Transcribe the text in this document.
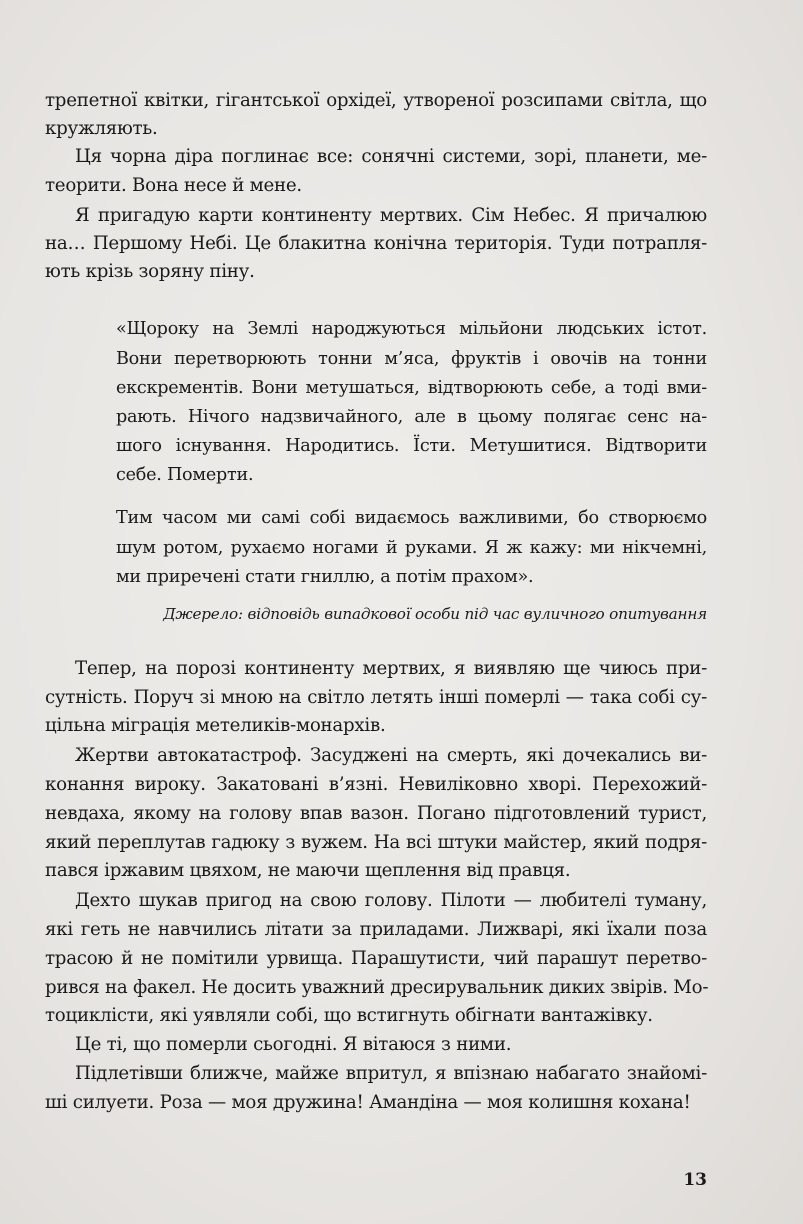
трепетної квітки, гігантської орхідеї, утвореної розсипами світла, що
кружляють.
Ця чорна діра поглинає все: сонячні системи, зорі, планети, ме-
теорити. Вона несе й мене.
Я пригадую карти континенту мертвих. Сім Небес. Я причалюю
на… Першому Небі. Це блакитна конічна територія. Туди потрапля-
ють крізь зоряну піну.
«Щороку на Землі народжуються мільйони людських істот.
Вони перетворюють тонни м’яса, фруктів і овочів на тонни
екскрементів. Вони метушаться, відтворюють себе, а тоді вми-
рають. Нічого надзвичайного, але в цьому полягає сенс на-
шого існування. Народитись. Їсти. Метушитися. Відтворити
себе. Померти.
Тим часом ми самі собі видаємось важливими, бо створюємо
шум ротом, рухаємо ногами й руками. Я ж кажу: ми нікчемні,
ми приречені стати гниллю, а потім прахом».
Джерело: відповідь випадкової особи під час вуличного опитування
Тепер, на порозі континенту мертвих, я виявляю ще чиюсь при-
сутність. Поруч зі мною на світло летять інші померлі — така собі су-
цільна міграція метеликів-монархів.
Жертви автокатастроф. Засуджені на смерть, які дочекались ви-
конання вироку. Закатовані в’язні. Невиліковно хворі. Перехожий-
невдаха, якому на голову впав вазон. Погано підготовлений турист,
який переплутав гадюку з вужем. На всі штуки майстер, який подря-
пався іржавим цвяхом, не маючи щеплення від правця.
Дехто шукав пригод на свою голову. Пілоти — любителі туману,
які геть не навчились літати за приладами. Лижварі, які їхали поза
трасою й не помітили урвища. Парашутисти, чий парашут перетво-
рився на факел. Не досить уважний дресирувальник диких звірів. Мо-
тоциклісти, які уявляли собі, що встигнуть обігнати вантажівку.
Це ті, що померли сьогодні. Я вітаюся з ними.
Підлетівши ближче, майже впритул, я впізнаю набагато знайомі-
ші силуети. Роза — моя дружина! Амандіна — моя колишня кохана!
13
